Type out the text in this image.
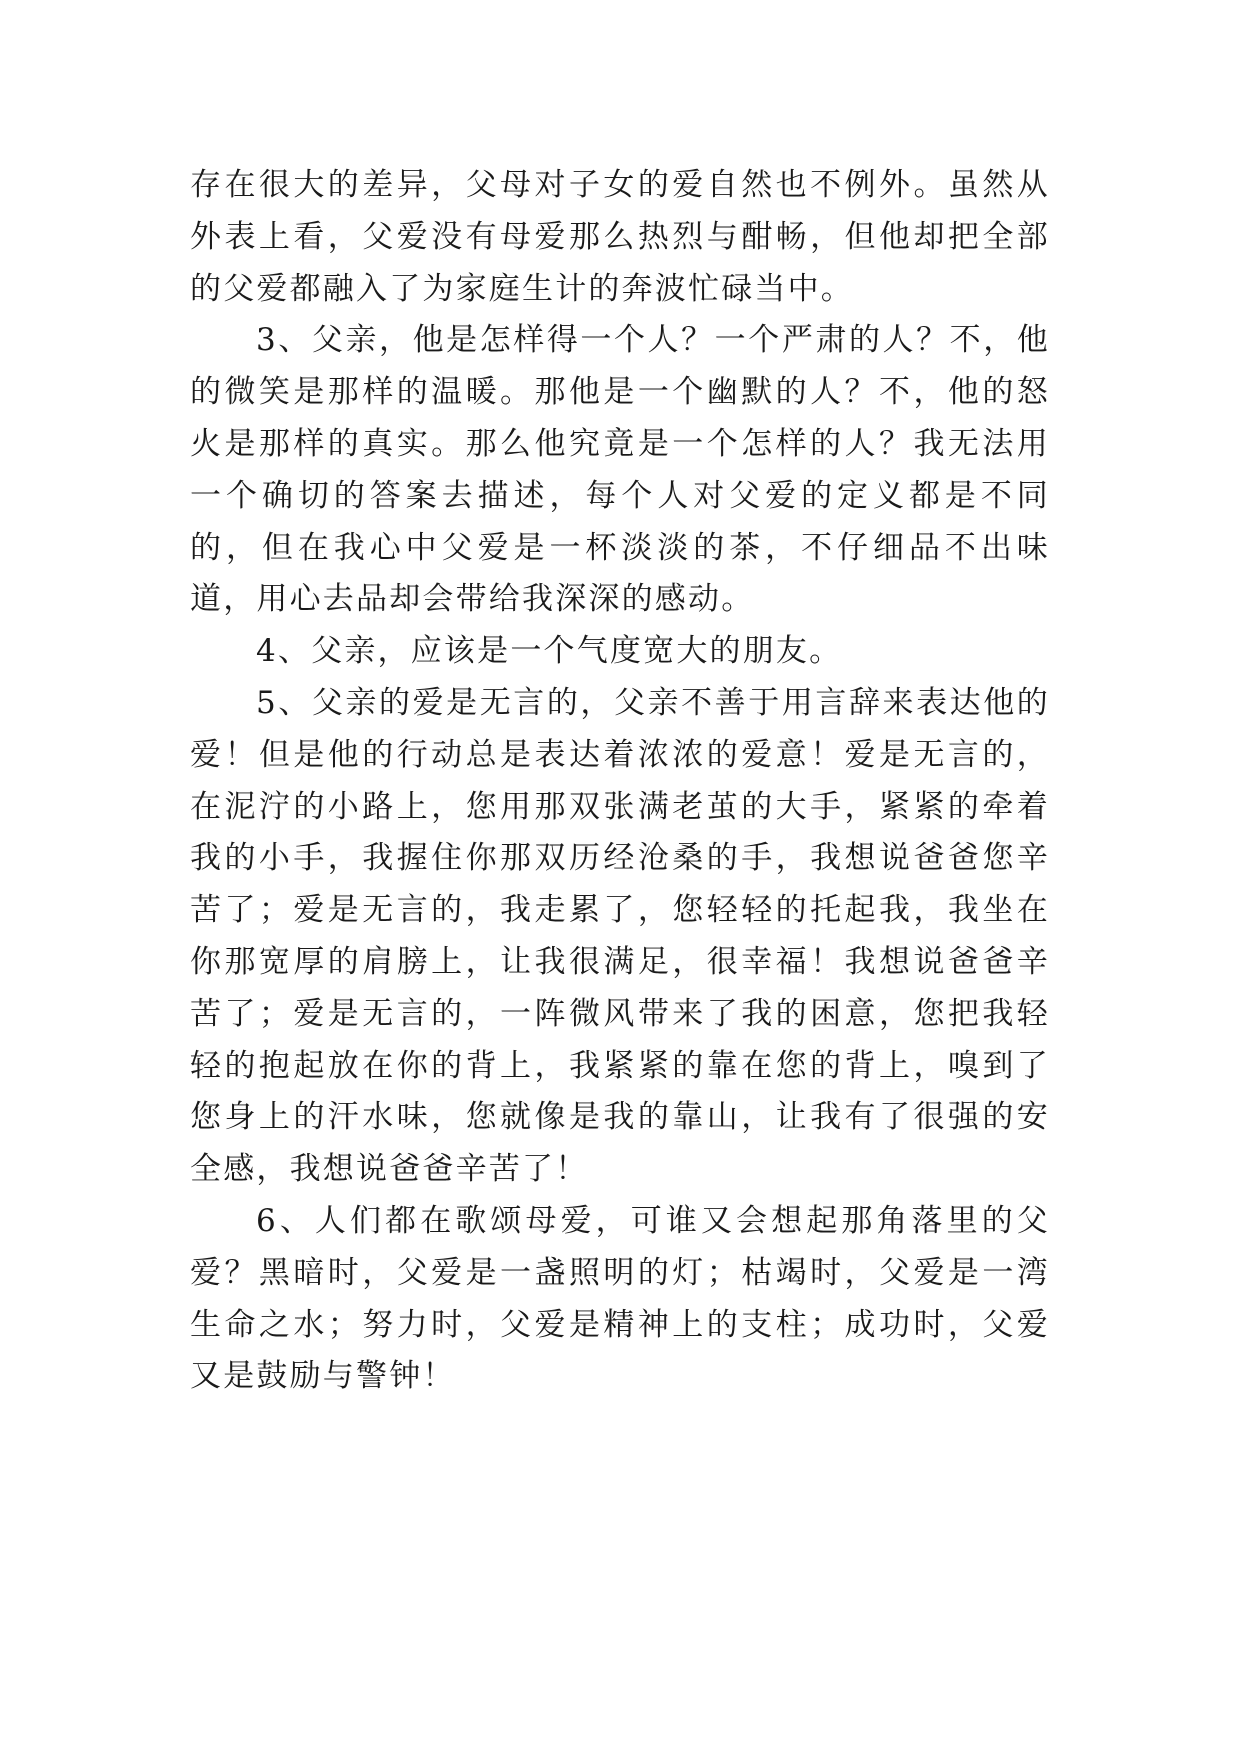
存在很大的差异，父母对子女的爱自然也不例外。虽然从外表上看，父爱没有母爱那么热烈与酣畅，但他却把全部的父爱都融入了为家庭生计的奔波忙碌当中。

3、父亲，他是怎样得一个人？一个严肃的人？不，他的微笑是那样的温暖。那他是一个幽默的人？不，他的怒火是那样的真实。那么他究竟是一个怎样的人？我无法用一个确切的答案去描述，每个人对父爱的定义都是不同的，但在我心中父爱是一杯淡淡的茶，不仔细品不出味道，用心去品却会带给我深深的感动。

4、父亲，应该是一个气度宽大的朋友。

5、父亲的爱是无言的，父亲不善于用言辞来表达他的爱！但是他的行动总是表达着浓浓的爱意！爱是无言的，在泥泞的小路上，您用那双张满老茧的大手，紧紧的牵着我的小手，我握住你那双历经沧桑的手，我想说爸爸您辛苦了；爱是无言的，我走累了，您轻轻的托起我，我坐在你那宽厚的肩膀上，让我很满足，很幸福！我想说爸爸辛苦了；爱是无言的，一阵微风带来了我的困意，您把我轻轻的抱起放在你的背上，我紧紧的靠在您的背上，嗅到了您身上的汗水味，您就像是我的靠山，让我有了很强的安全感，我想说爸爸辛苦了！

6、人们都在歌颂母爱，可谁又会想起那角落里的父爱？黑暗时，父爱是一盏照明的灯；枯竭时，父爱是一湾生命之水；努力时，父爱是精神上的支柱；成功时，父爱又是鼓励与警钟！
